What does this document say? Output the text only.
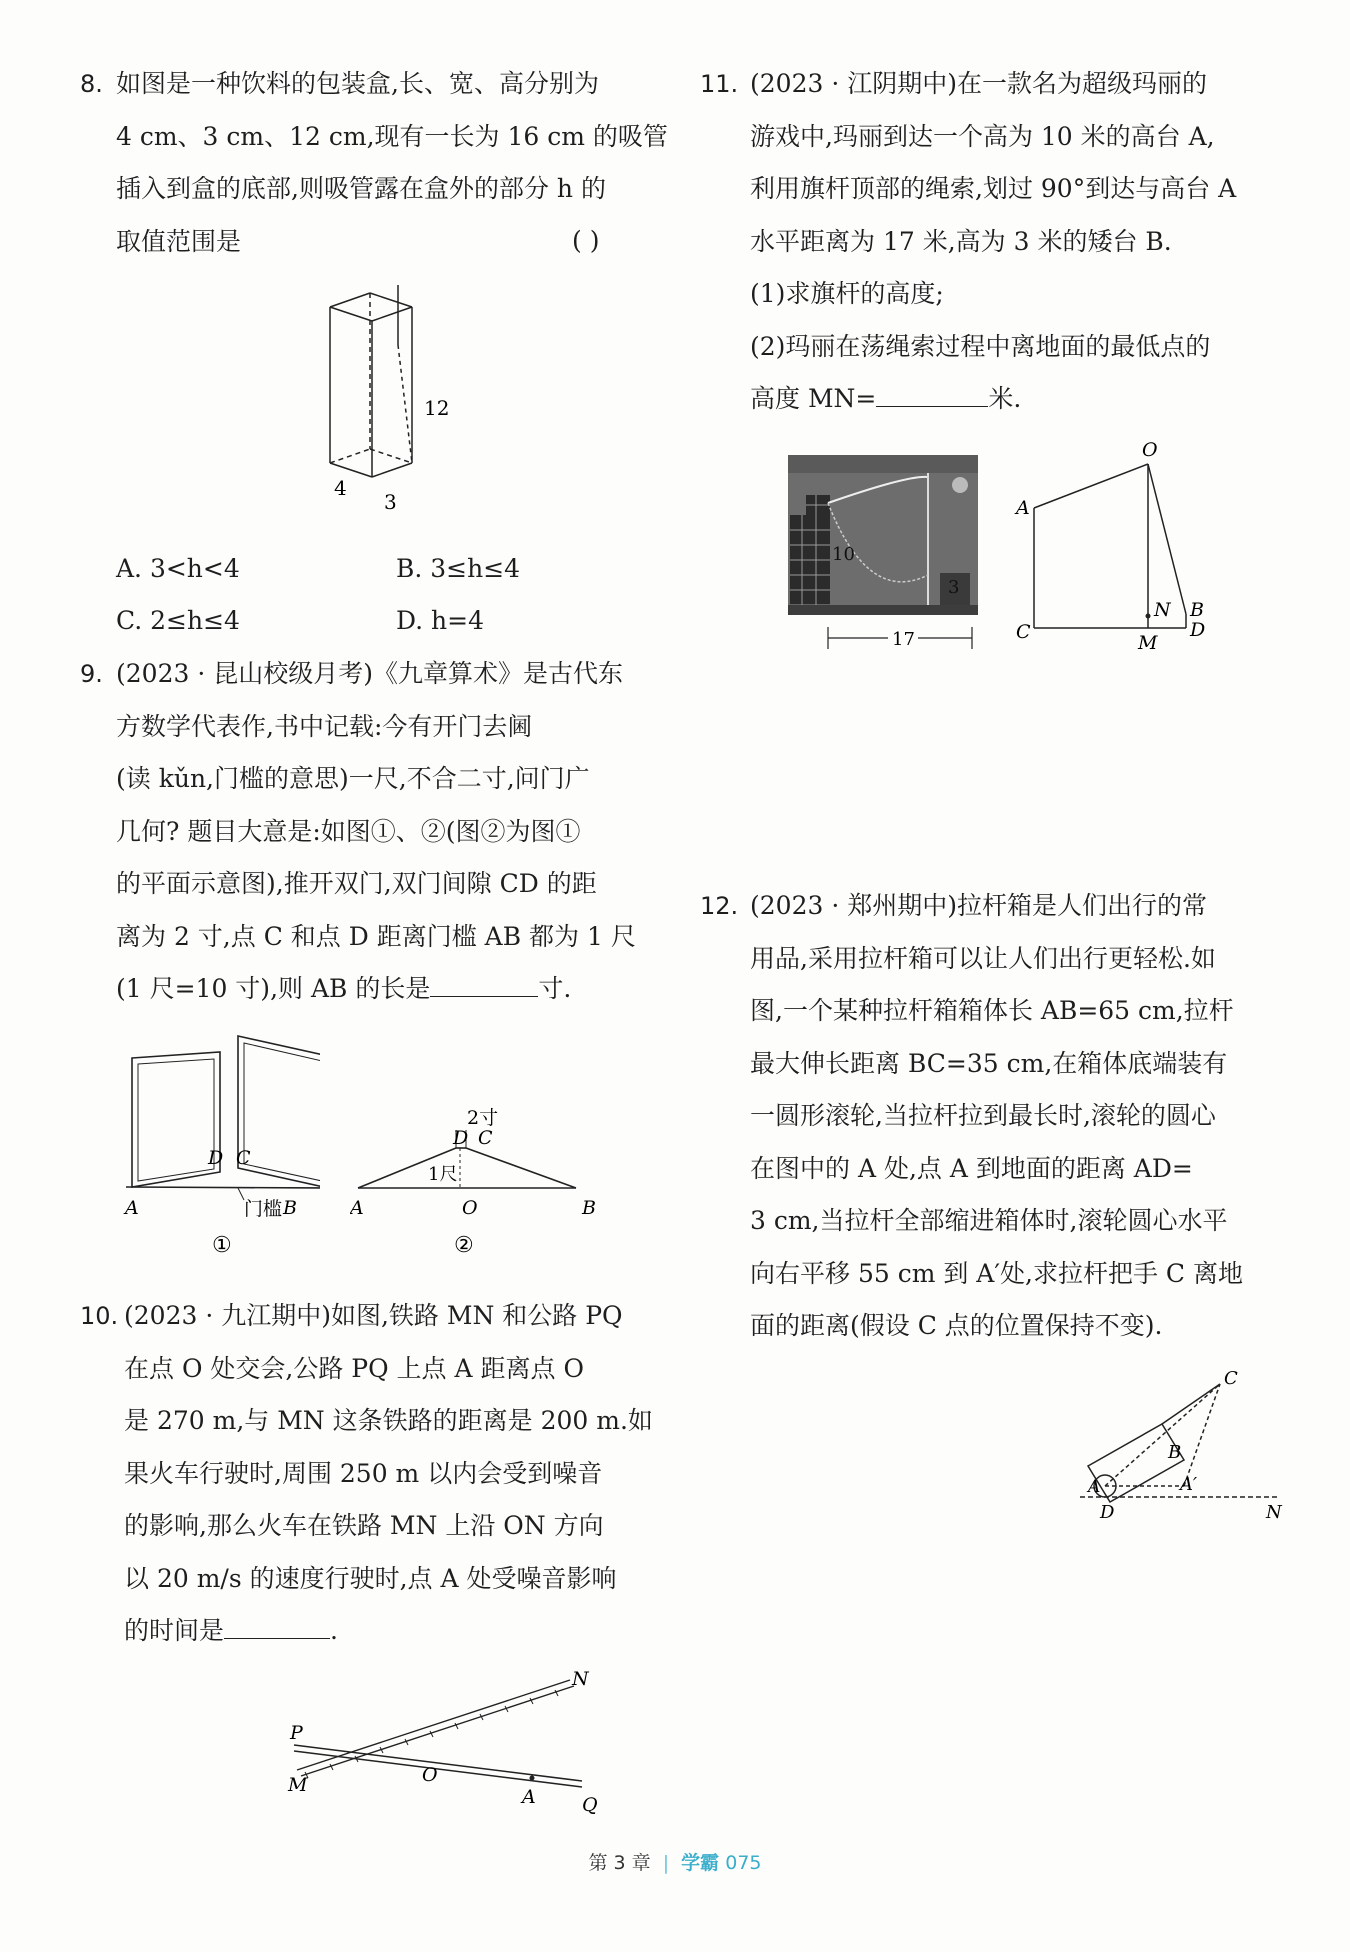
8. 如图是一种饮料的包装盒,长、宽、高分别为
4 cm、3 cm、12 cm,现有一长为 16 cm 的吸管
插入到盒的底部,则吸管露在盒外的部分 h 的
取值范围是	( )
12
4
3
A. 3<h<4	B. 3≤h≤4
C. 2≤h≤4	D. h=4
9. (2023 · 昆山校级月考)《九章算术》是古代东
方数学代表作,书中记载:今有开门去阃
(读 kǔn,门槛的意思)一尺,不合二寸,问门广
几何? 题目大意是:如图①、②(图②为图①
的平面示意图),推开双门,双门间隙 CD 的距
离为 2 寸,点 C 和点 D 距离门槛 AB 都为 1 尺
(1 尺=10 寸),则 AB 的长是	寸.
D C
A	B
门槛
①
2寸
D C
1尺
A	O	B
②
10. (2023 · 九江期中)如图,铁路 MN 和公路 PQ
在点 O 处交会,公路 PQ 上点 A 距离点 O
是 270 m,与 MN 这条铁路的距离是 200 m.如
果火车行驶时,周围 250 m 以内会受到噪音
的影响,那么火车在铁路 MN 上沿 ON 方向
以 20 m/s 的速度行驶时,点 A 处受噪音影响
的时间是	.
M
N
P
Q
O
A
11. (2023 · 江阴期中)在一款名为超级玛丽的
游戏中,玛丽到达一个高为 10 米的高台 A,
利用旗杆顶部的绳索,划过 90°到达与高台 A
水平距离为 17 米,高为 3 米的矮台 B.
(1)求旗杆的高度;
(2)玛丽在荡绳索过程中离地面的最低点的
高度 MN=	米.
10
3
17
O
A
C	M
N B
D
12. (2023 · 郑州期中)拉杆箱是人们出行的常
用品,采用拉杆箱可以让人们出行更轻松.如
图,一个某种拉杆箱箱体长 AB=65 cm,拉杆
最大伸长距离 BC=35 cm,在箱体底端装有
一圆形滚轮,当拉杆拉到最长时,滚轮的圆心
在图中的 A 处,点 A 到地面的距离 AD=
3 cm,当拉杆全部缩进箱体时,滚轮圆心水平
向右平移 55 cm 到 A′处,求拉杆把手 C 离地
面的距离(假设 C 点的位置保持不变).
A	A′
B
C
D	N
第 3 章 | 学霸 075
